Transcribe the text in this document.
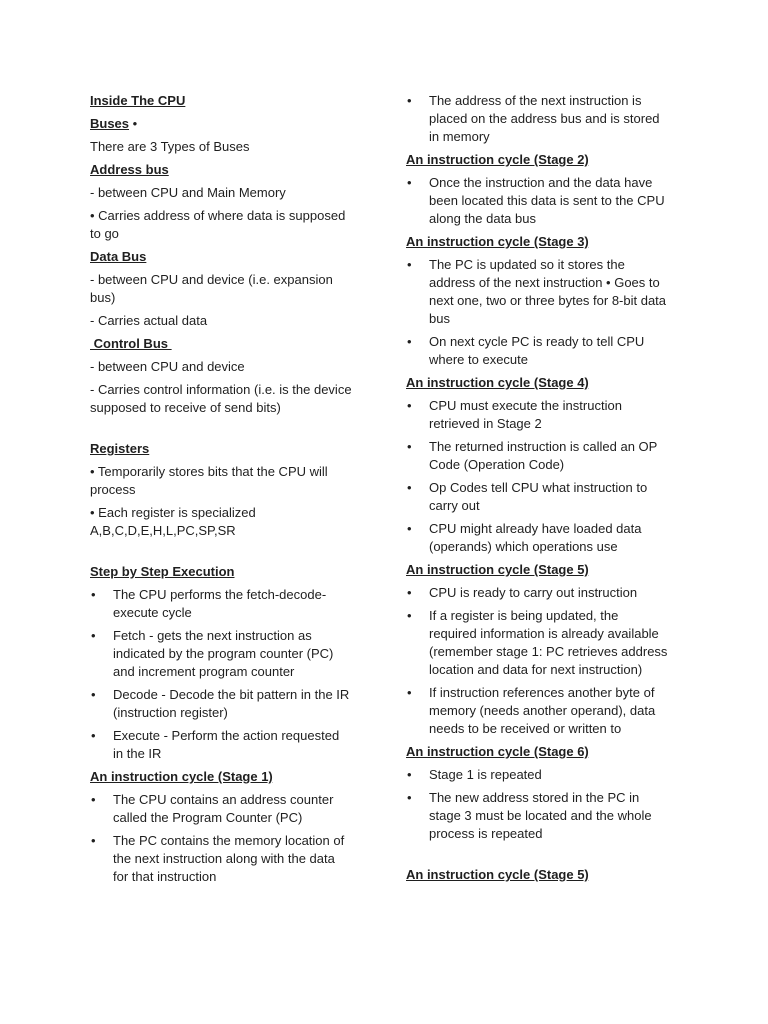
Inside The CPU
Buses •
There are 3 Types of Buses
Address bus
- between CPU and Main Memory
• Carries address of where data is supposed to go
Data Bus
- between CPU and device (i.e. expansion bus)
- Carries actual data
Control Bus
- between CPU and device
- Carries control information (i.e. is the device supposed to receive of send bits)
Registers
• Temporarily stores bits that the CPU will process
• Each register is specialized A,B,C,D,E,H,L,PC,SP,SR
Step by Step Execution
• The CPU performs the fetch-decode-execute cycle
• Fetch - gets the next instruction as indicated by the program counter (PC) and increment program counter
• Decode - Decode the bit pattern in the IR (instruction register)
• Execute - Perform the action requested in the IR
An instruction cycle (Stage 1)
• The CPU contains an address counter called the Program Counter (PC)
• The PC contains the memory location of the next instruction along with the data for that instruction
• The address of the next instruction is placed on the address bus and is stored in memory
An instruction cycle (Stage 2)
• Once the instruction and the data have been located this data is sent to the CPU along the data bus
An instruction cycle (Stage 3)
• The PC is updated so it stores the address of the next instruction • Goes to next one, two or three bytes for 8-bit data bus
• On next cycle PC is ready to tell CPU where to execute
An instruction cycle (Stage 4)
• CPU must execute the instruction retrieved in Stage 2
• The returned instruction is called an OP Code (Operation Code)
• Op Codes tell CPU what instruction to carry out
• CPU might already have loaded data (operands) which operations use
An instruction cycle (Stage 5)
• CPU is ready to carry out instruction
• If a register is being updated, the required information is already available (remember stage 1: PC retrieves address location and data for next instruction)
• If instruction references another byte of memory (needs another operand), data needs to be received or written to
An instruction cycle (Stage 6)
• Stage 1 is repeated
• The new address stored in the PC in stage 3 must be located and the whole process is repeated
An instruction cycle (Stage 5)
